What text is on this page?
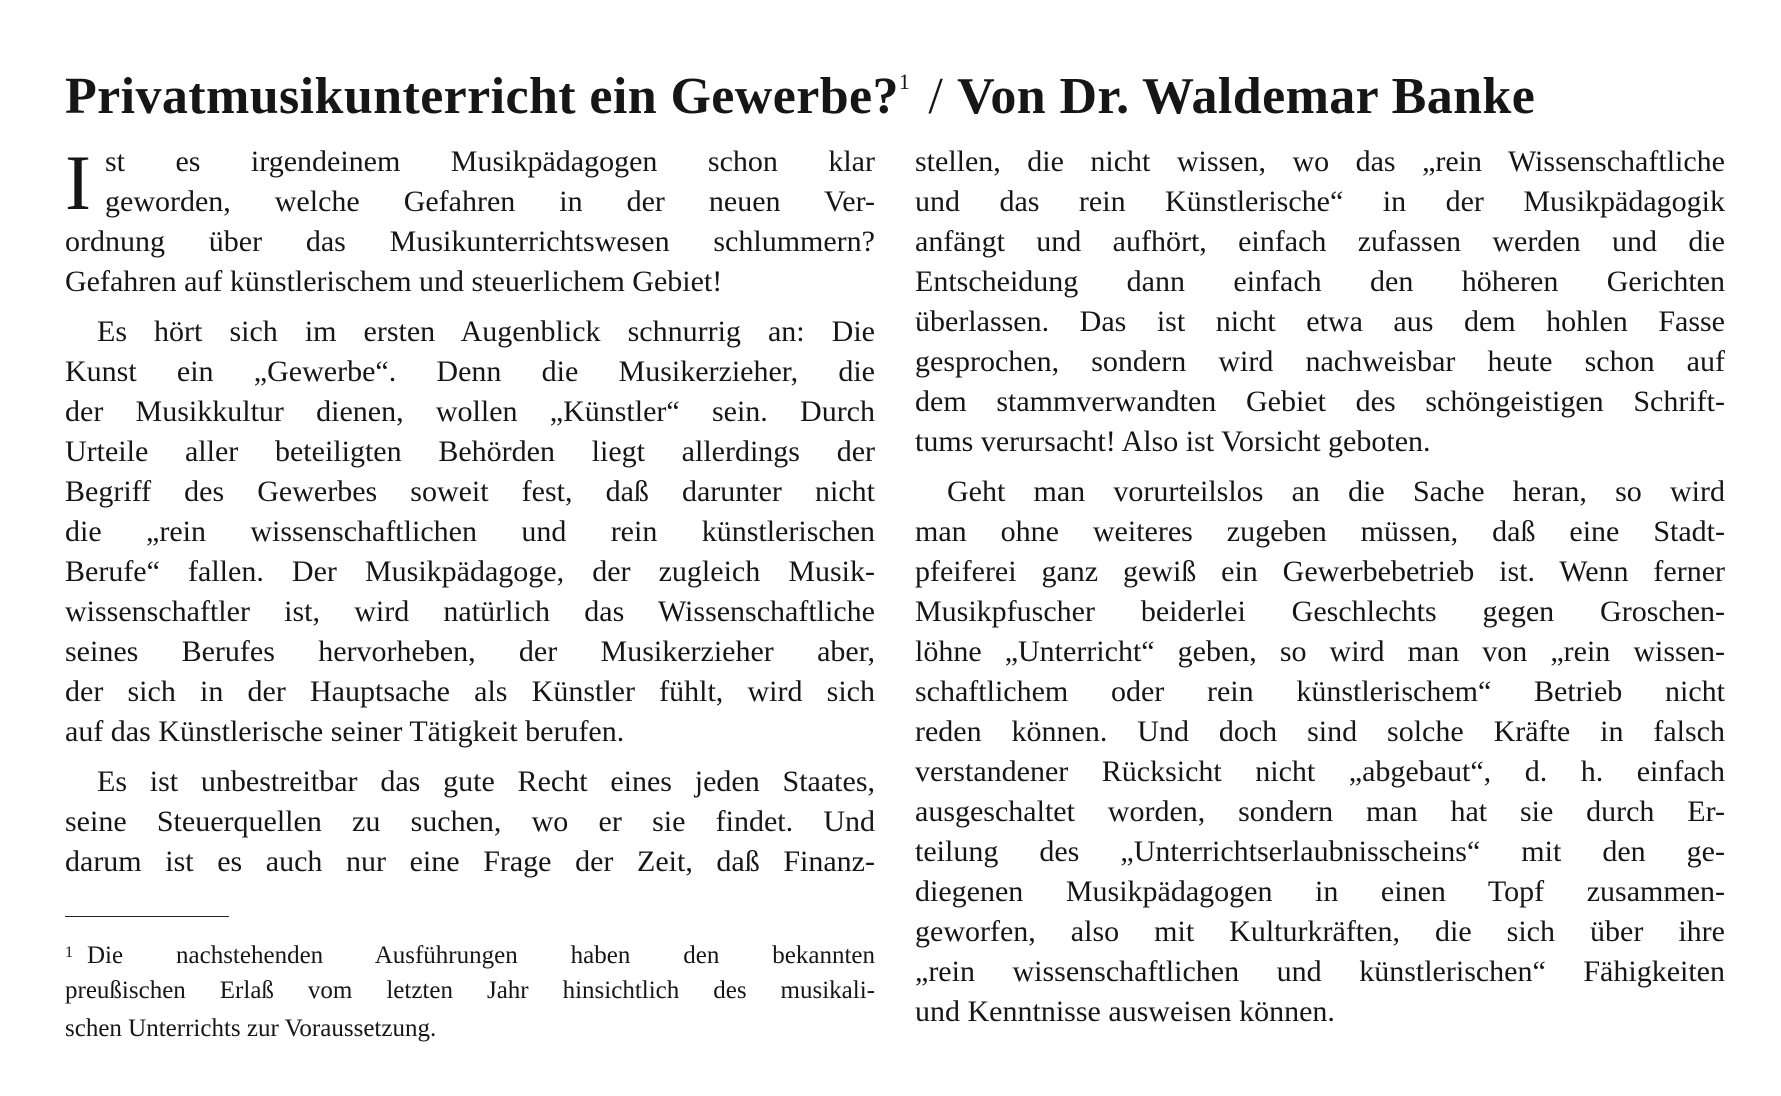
Privatmusikunterricht ein Gewerbe?$^1$ / Von Dr. Waldemar Banke
I st es irgendeinem Musikpädagogen schon klar
geworden, welche Gefahren in der neuen Ver-
ordnung über das Musikunterrichtswesen schlummern?
Gefahren auf künstlerischem und steuerlichem Gebiet!
Es hört sich im ersten Augenblick schnurrig an: Die
Kunst ein „Gewerbe“. Denn die Musikerzieher, die
der Musikkultur dienen, wollen „Künstler“ sein. Durch
Urteile aller beteiligten Behörden liegt allerdings der
Begriff des Gewerbes soweit fest, daß darunter nicht
die „rein wissenschaftlichen und rein künstlerischen
Berufe“ fallen. Der Musikpädagoge, der zugleich Musik-
wissenschaftler ist, wird natürlich das Wissenschaftliche
seines Berufes hervorheben, der Musikerzieher aber,
der sich in der Hauptsache als Künstler fühlt, wird sich
auf das Künstlerische seiner Tätigkeit berufen.
Es ist unbestreitbar das gute Recht eines jeden Staates,
seine Steuerquellen zu suchen, wo er sie findet. Und
darum ist es auch nur eine Frage der Zeit, daß Finanz-
$^1$ Die nachstehenden Ausführungen haben den bekannten
preußischen Erlaß vom letzten Jahr hinsichtlich des musikali-
schen Unterrichts zur Voraussetzung.
stellen, die nicht wissen, wo das „rein Wissenschaftliche
und das rein Künstlerische“ in der Musikpädagogik
anfängt und aufhört, einfach zufassen werden und die
Entscheidung dann einfach den höheren Gerichten
überlassen. Das ist nicht etwa aus dem hohlen Fasse
gesprochen, sondern wird nachweisbar heute schon auf
dem stammverwandten Gebiet des schöngeistigen Schrift-
tums verursacht! Also ist Vorsicht geboten.
Geht man vorurteilslos an die Sache heran, so wird
man ohne weiteres zugeben müssen, daß eine Stadt-
pfeiferei ganz gewiß ein Gewerbebetrieb ist. Wenn ferner
Musikpfuscher beiderlei Geschlechts gegen Groschen-
löhne „Unterricht“ geben, so wird man von „rein wissen-
schaftlichem oder rein künstlerischem“ Betrieb nicht
reden können. Und doch sind solche Kräfte in falsch
verstandener Rücksicht nicht „abgebaut“, d. h. einfach
ausgeschaltet worden, sondern man hat sie durch Er-
teilung des „Unterrichtserlaubnisscheins“ mit den ge-
diegenen Musikpädagogen in einen Topf zusammen-
geworfen, also mit Kulturkräften, die sich über ihre
„rein wissenschaftlichen und künstlerischen“ Fähigkeiten
und Kenntnisse ausweisen können.
